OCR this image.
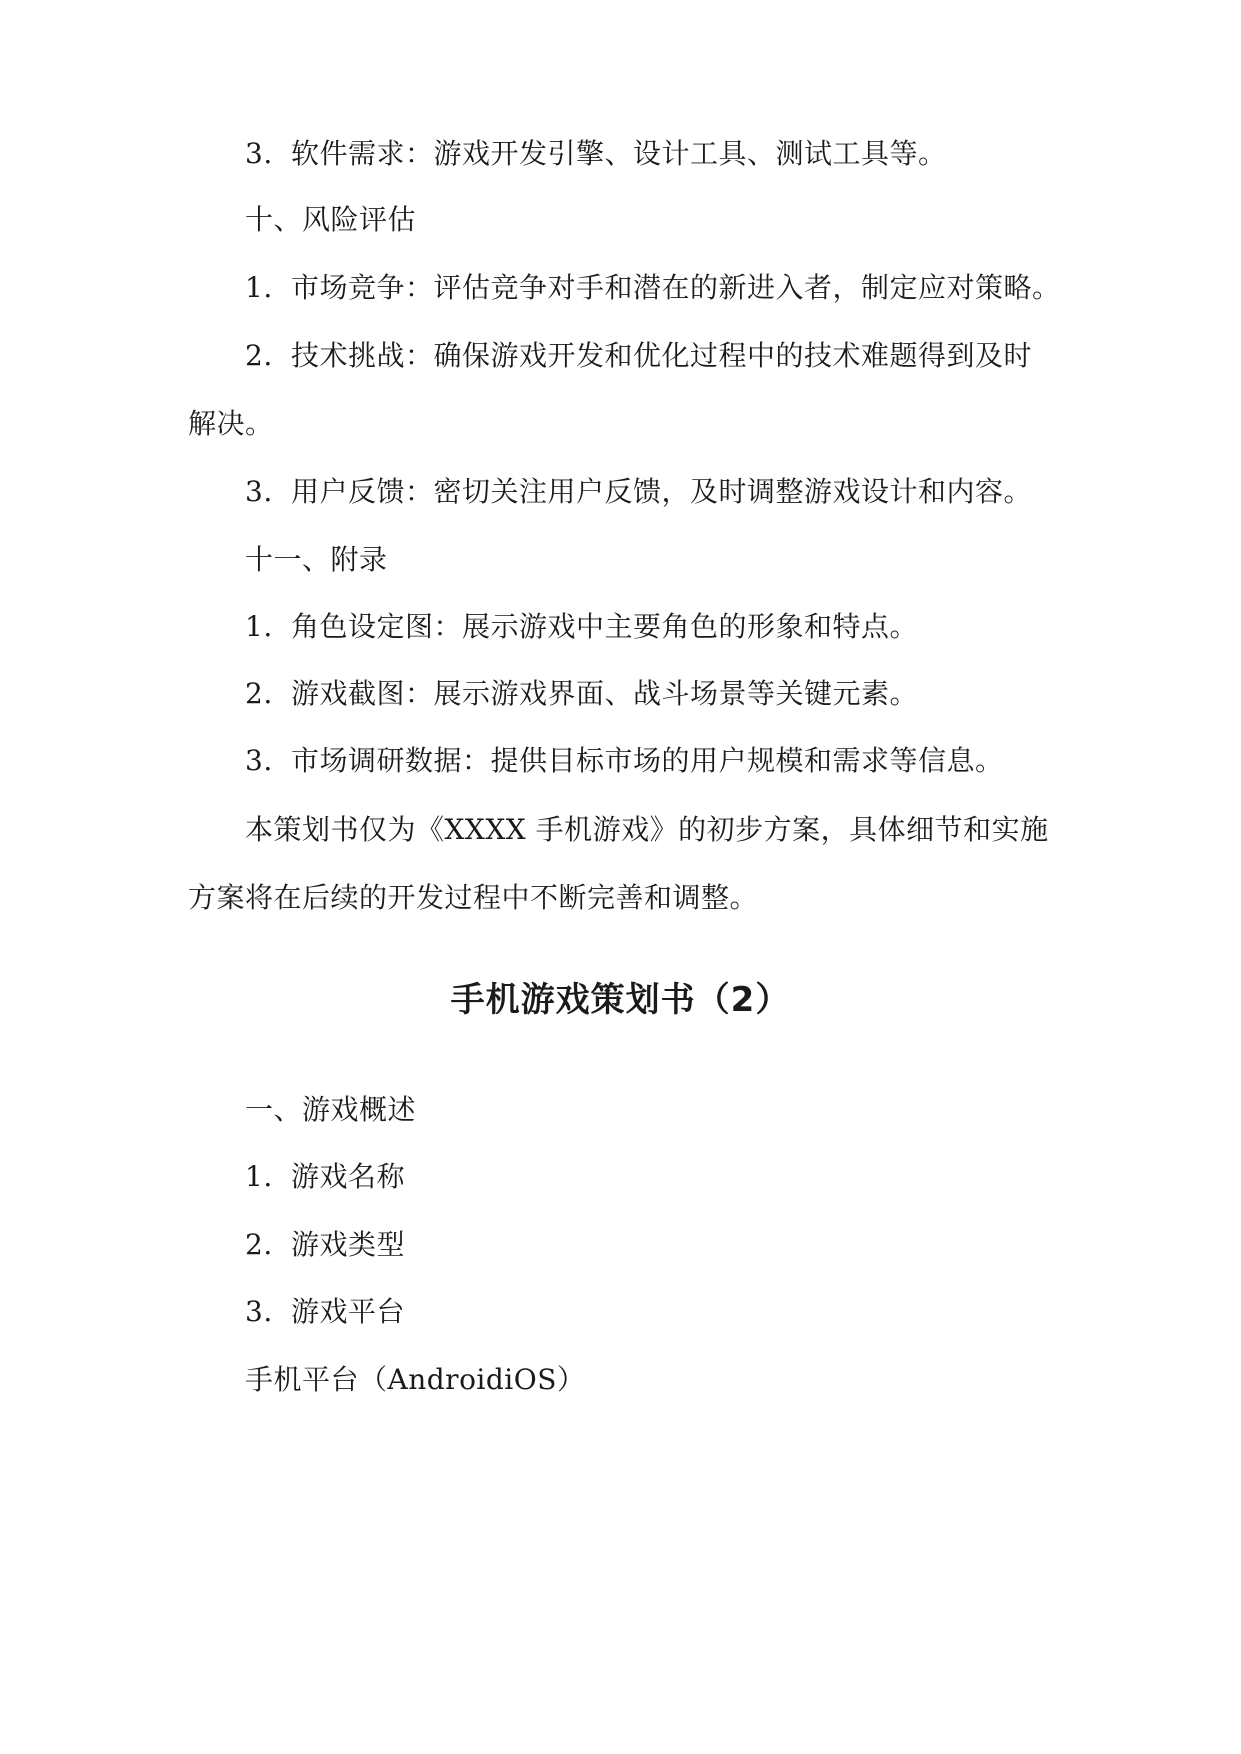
3. 软件需求：游戏开发引擎、设计工具、测试工具等。
十、风险评估
1. 市场竞争：评估竞争对手和潜在的新进入者，制定应对策略。
2. 技术挑战：确保游戏开发和优化过程中的技术难题得到及时
解决。
3. 用户反馈：密切关注用户反馈，及时调整游戏设计和内容。
十一、附录
1. 角色设定图：展示游戏中主要角色的形象和特点。
2. 游戏截图：展示游戏界面、战斗场景等关键元素。
3. 市场调研数据：提供目标市场的用户规模和需求等信息。
本策划书仅为《XXXX 手机游戏》的初步方案，具体细节和实施
方案将在后续的开发过程中不断完善和调整。
手机游戏策划书（2）
一、游戏概述
1. 游戏名称
2. 游戏类型
3. 游戏平台
手机平台（AndroidiOS）
